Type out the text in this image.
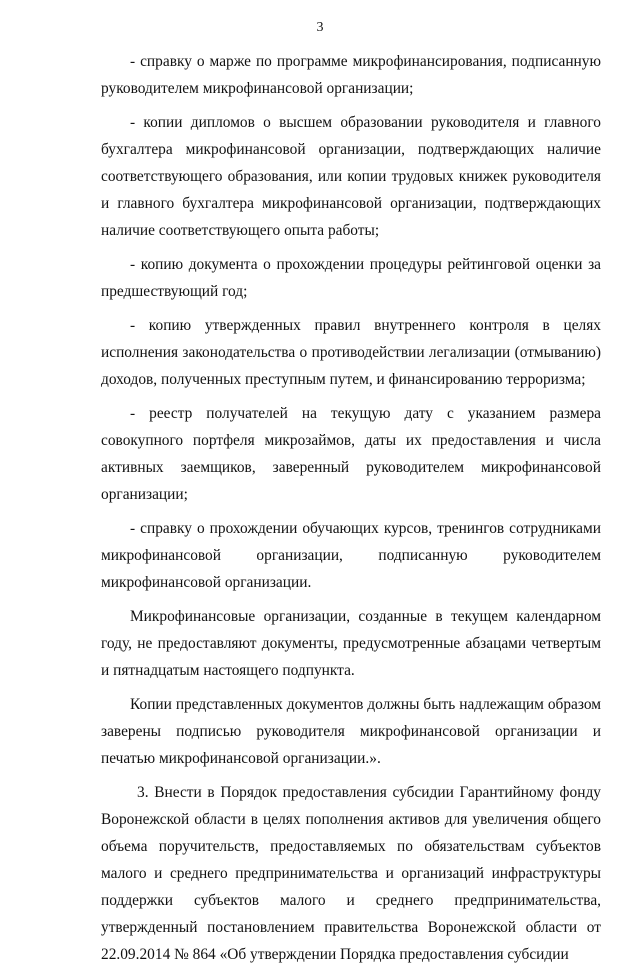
3

- справку о марже по программе микрофинансирования, подписанную руководителем микрофинансовой организации;

- копии дипломов о высшем образовании руководителя и главного бухгалтера микрофинансовой организации, подтверждающих наличие соответствующего образования, или копии трудовых книжек руководителя и главного бухгалтера микрофинансовой организации, подтверждающих наличие соответствующего опыта работы;

- копию документа о прохождении процедуры рейтинговой оценки за предшествующий год;

- копию утвержденных правил внутреннего контроля в целях исполнения законодательства о противодействии легализации (отмыванию) доходов, полученных преступным путем, и финансированию терроризма;

- реестр получателей на текущую дату с указанием размера совокупного портфеля микрозаймов, даты их предоставления и числа активных заемщиков, заверенный руководителем микрофинансовой организации;

- справку о прохождении обучающих курсов, тренингов сотрудниками микрофинансовой организации, подписанную руководителем микрофинансовой организации.

Микрофинансовые организации, созданные в текущем календарном году, не предоставляют документы, предусмотренные абзацами четвертым и пятнадцатым настоящего подпункта.

Копии представленных документов должны быть надлежащим образом заверены подписью руководителя микрофинансовой организации и печатью микрофинансовой организации.».

3. Внести в Порядок предоставления субсидии Гарантийному фонду Воронежской области в целях пополнения активов для увеличения общего объема поручительств, предоставляемых по обязательствам субъектов малого и среднего предпринимательства и организаций инфраструктуры поддержки субъектов малого и среднего предпринимательства, утвержденный постановлением правительства Воронежской области от 22.09.2014 № 864 «Об утверждении Порядка предоставления субсидии
